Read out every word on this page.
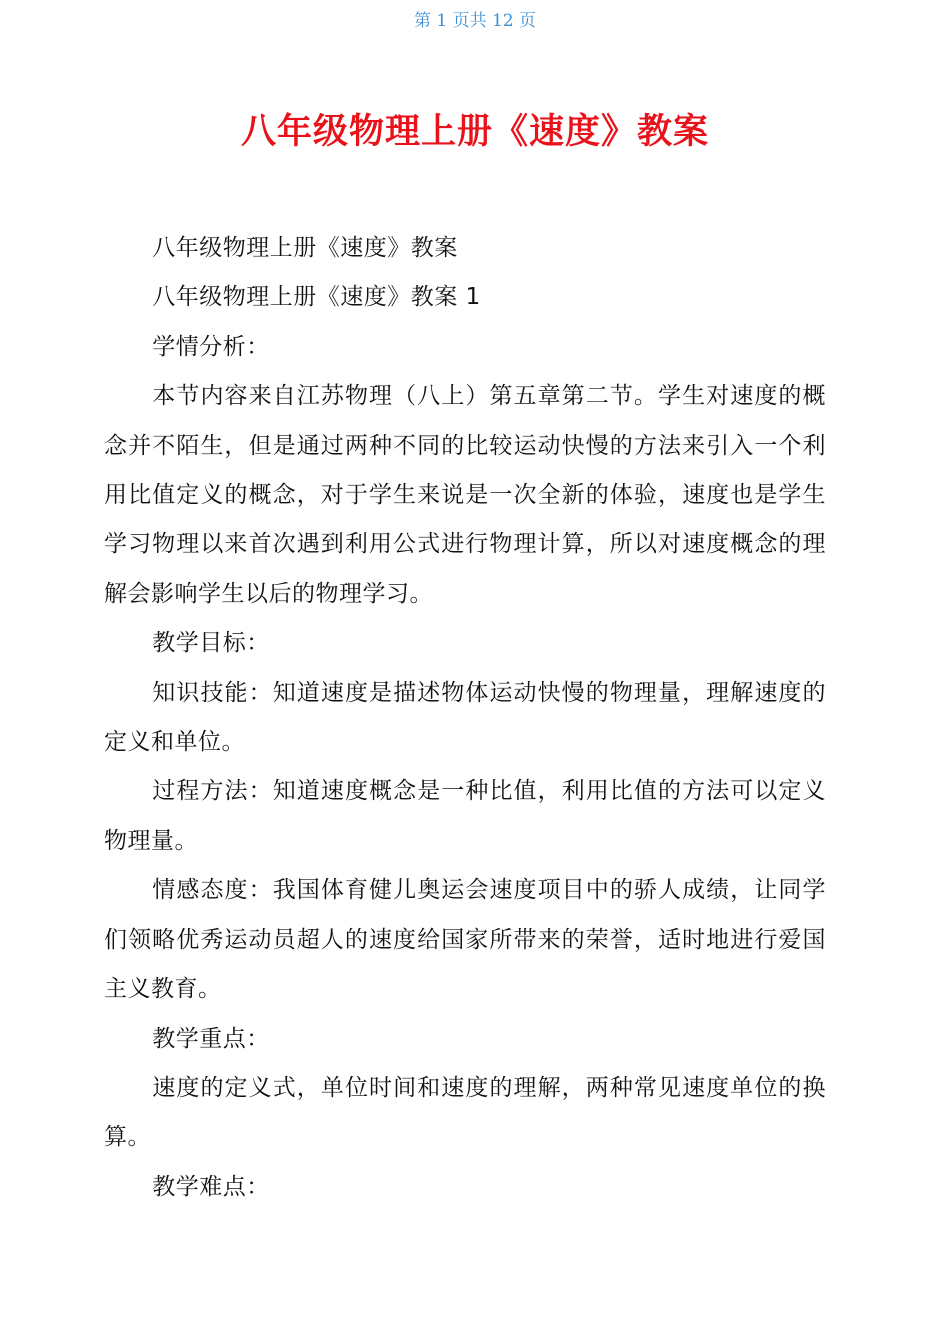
第 1 页共 12 页
八年级物理上册《速度》教案

八年级物理上册《速度》教案

八年级物理上册《速度》教案 1

学情分析：

本节内容来自江苏物理（八上）第五章第二节。学生对速度的概念并不陌生，但是通过两种不同的比较运动快慢的方法来引入一个利用比值定义的概念，对于学生来说是一次全新的体验，速度也是学生学习物理以来首次遇到利用公式进行物理计算，所以对速度概念的理解会影响学生以后的物理学习。

教学目标：

知识技能：知道速度是描述物体运动快慢的物理量，理解速度的定义和单位。

过程方法：知道速度概念是一种比值，利用比值的方法可以定义物理量。

情感态度：我国体育健儿奥运会速度项目中的骄人成绩，让同学们领略优秀运动员超人的速度给国家所带来的荣誉，适时地进行爱国主义教育。

教学重点：

速度的定义式，单位时间和速度的理解，两种常见速度单位的换算。

教学难点：
